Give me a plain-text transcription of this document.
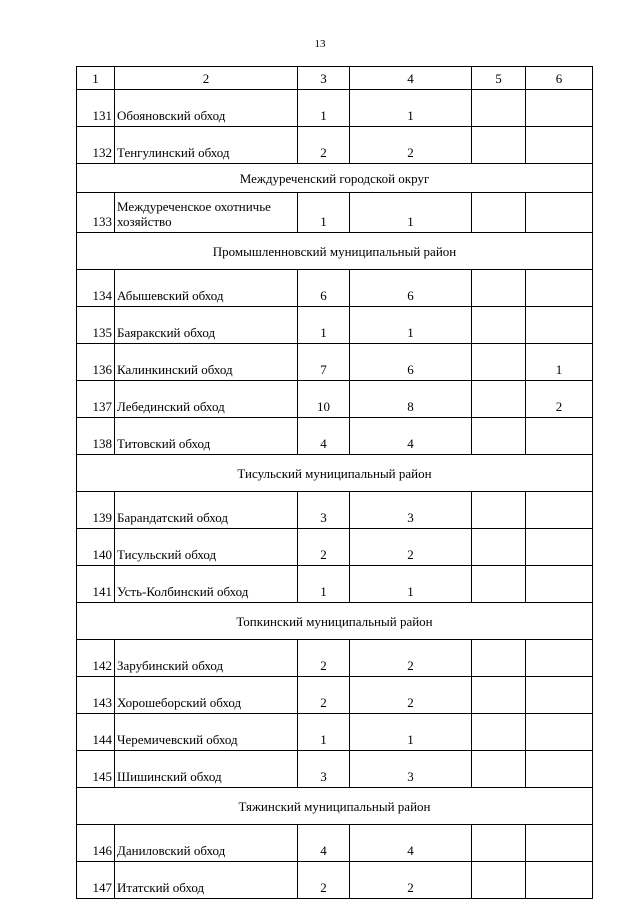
13
1	2	3	4	5	6
131	Обояновский обход	1	1		
132	Тенгулинский обход	2	2		
Междуреченский городской округ					
133	Междуреченское охотничье хозяйство	1	1		
Промышленновский муниципальный район					
134	Абышевский обход	6	6		
135	Баяракский обход	1	1		
136	Калинкинский обход	7	6		1
137	Лебединский обход	10	8		2
138	Титовский обход	4	4		
Тисульский муниципальный район					
139	Барандатский обход	3	3		
140	Тисульский обход	2	2		
141	Усть-Колбинский обход	1	1		
Топкинский муниципальный район					
142	Зарубинский обход	2	2		
143	Хорошеборский обход	2	2		
144	Черемичевский обход	1	1		
145	Шишинский обход	3	3		
Тяжинский муниципальный район					
146	Даниловский обход	4	4		
147	Итатский обход	2	2		
